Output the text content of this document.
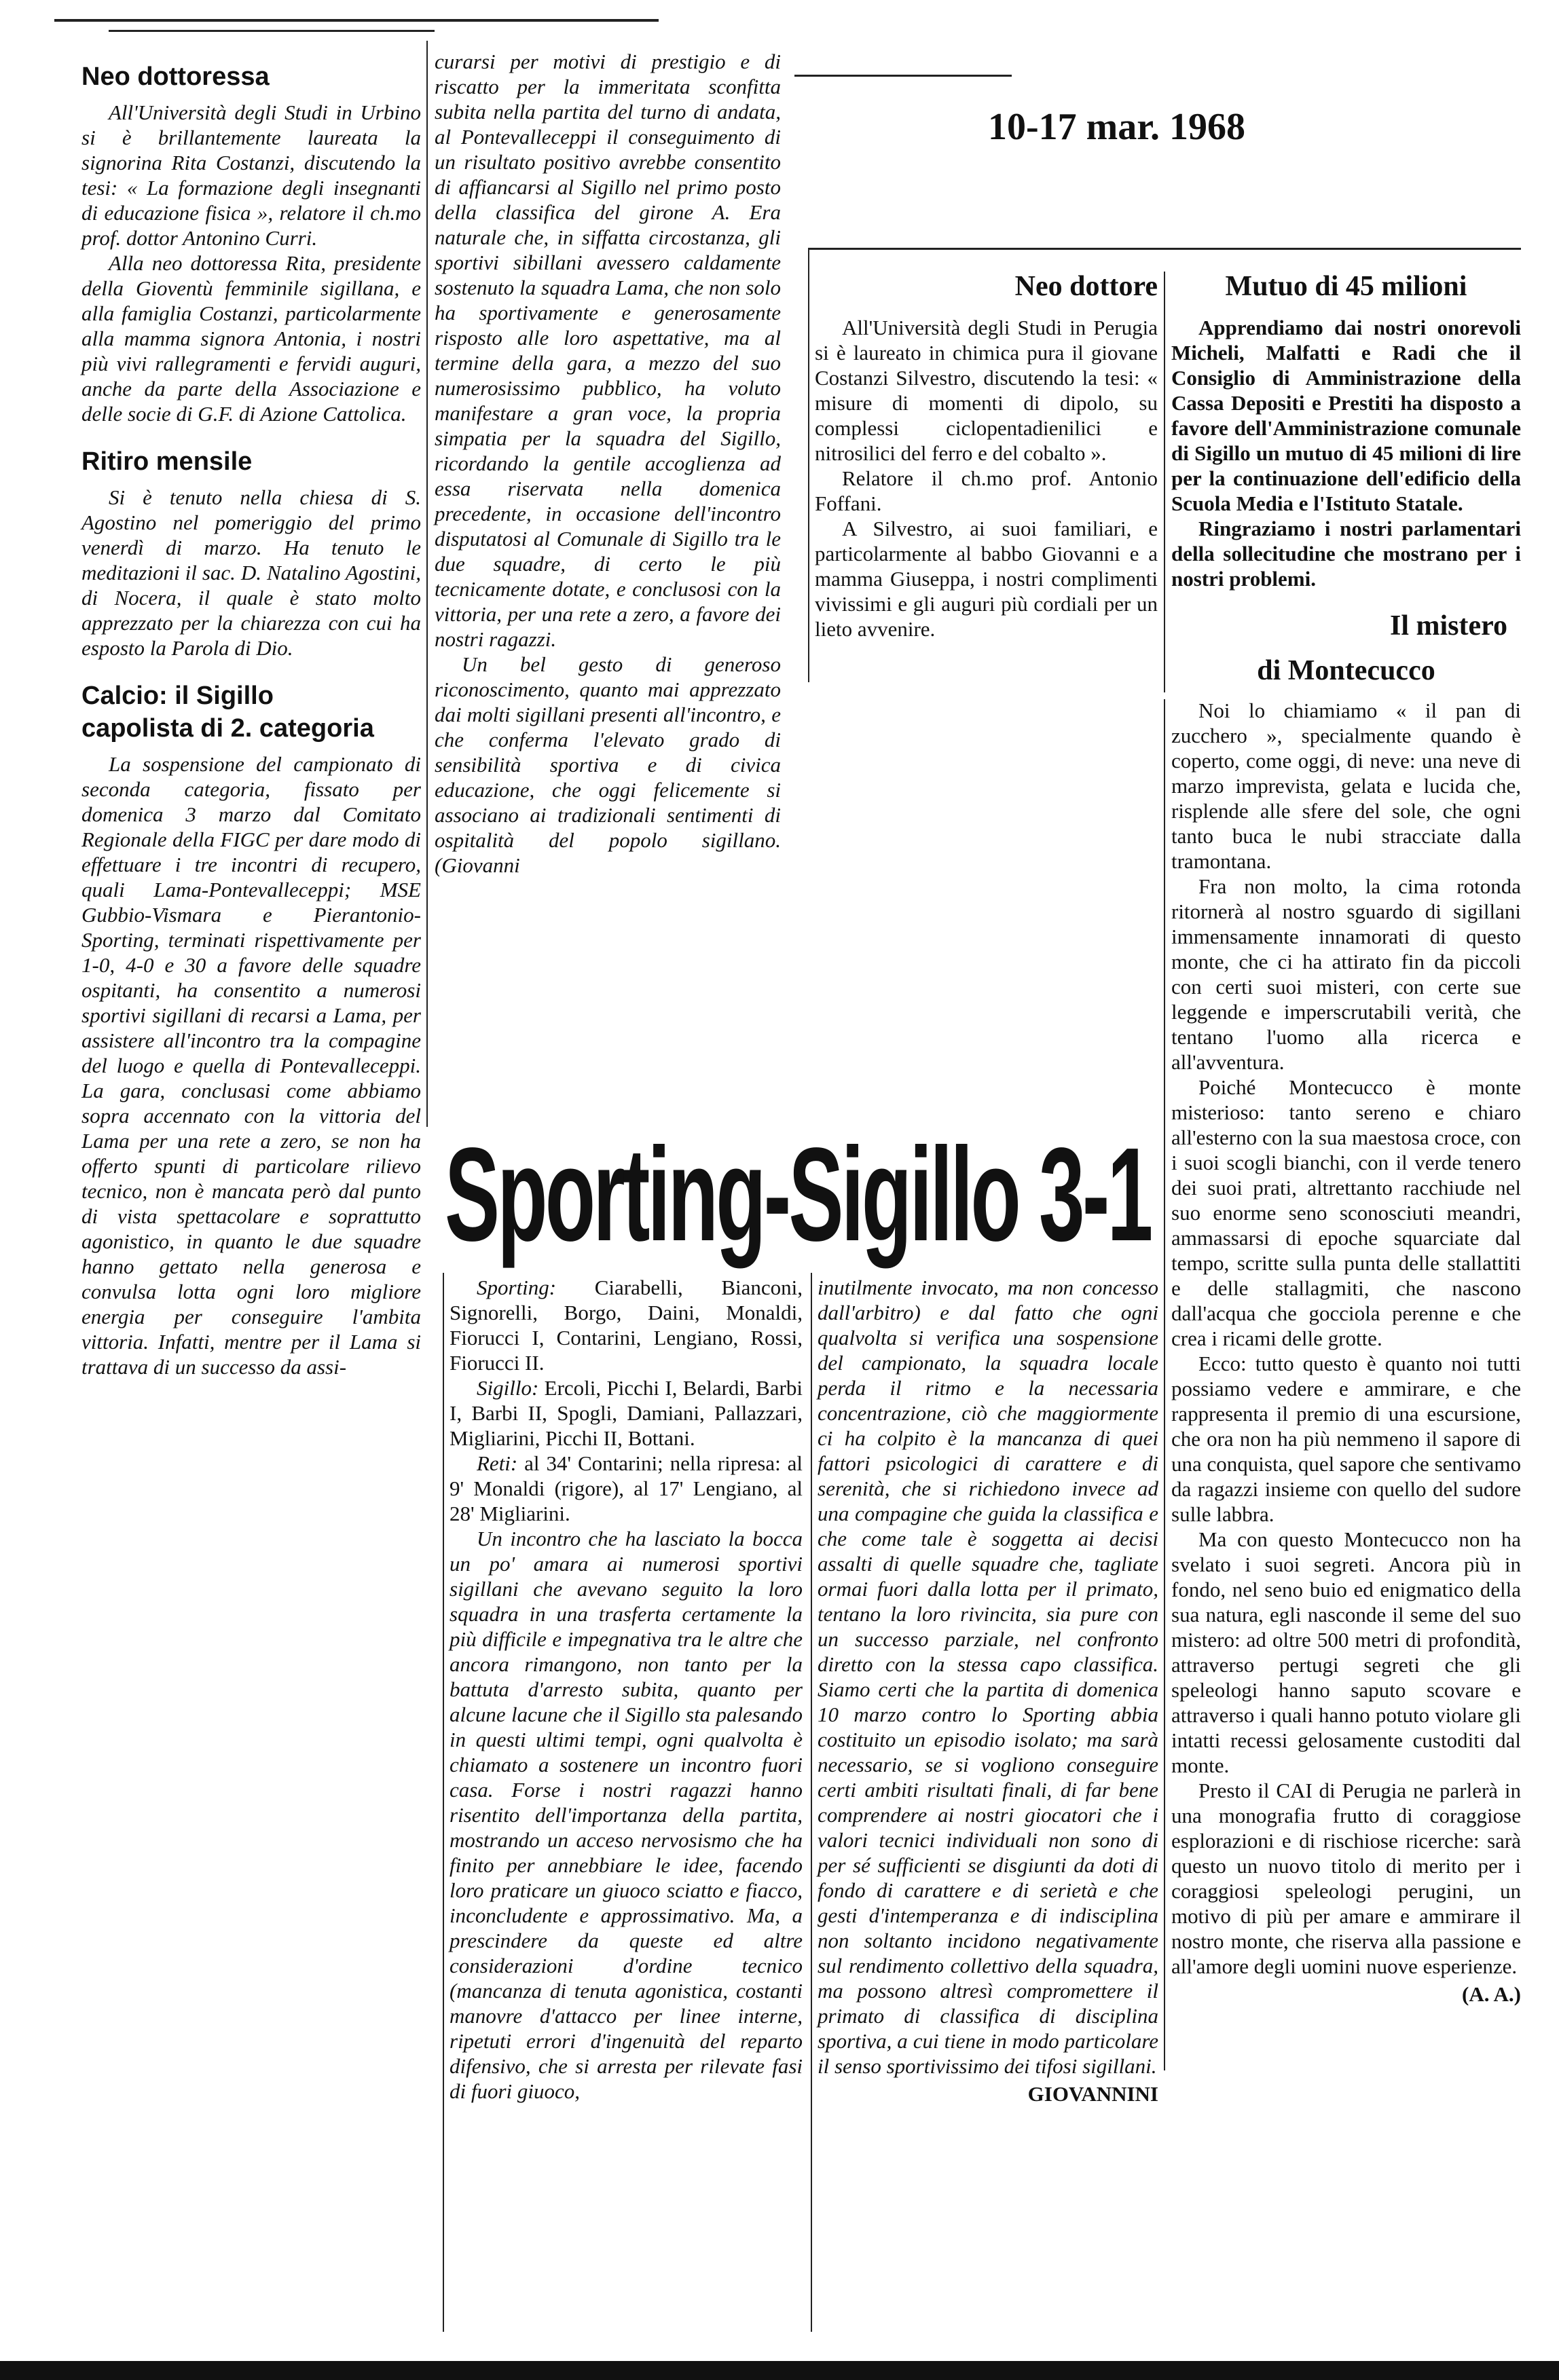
10-17 mar. 1968
Neo dottoressa

All'Università degli Studi in Urbino si è brillantemente laureata la signorina Rita Costanzi, discutendo la tesi: « La formazione degli insegnanti di educazione fisica », relatore il ch.mo prof. dottor Antonino Curri.

Alla neo dottoressa Rita, presidente della Gioventù femminile sigillana, e alla famiglia Costanzi, particolarmente alla mamma signora Antonia, i nostri più vivi rallegramenti e fervidi auguri, anche da parte della Associazione e delle socie di G.F. di Azione Cattolica.

Ritiro mensile

Si è tenuto nella chiesa di S. Agostino nel pomeriggio del primo venerdì di marzo. Ha tenuto le meditazioni il sac. D. Natalino Agostini, di Nocera, il quale è stato molto apprezzato per la chiarezza con cui ha esposto la Parola di Dio.

Calcio: il Sigillo
capolista di 2. categoria

La sospensione del campionato di seconda categoria, fissato per domenica 3 marzo dal Comitato Regionale della FIGC per dare modo di effettuare i tre incontri di recupero, quali Lama-Pontevalleceppi; MSE Gubbio-Vismara e Pierantonio-Sporting, terminati rispettivamente per 1-0, 4-0 e 30 a favore delle squadre ospitanti, ha consentito a numerosi sportivi sigillani di recarsi a Lama, per assistere all'incontro tra la compagine del luogo e quella di Pontevalleceppi. La gara, conclusasi come abbiamo sopra accennato con la vittoria del Lama per una rete a zero, se non ha offerto spunti di particolare rilievo tecnico, non è mancata però dal punto di vista spettacolare e soprattutto agonistico, in quanto le due squadre hanno gettato nella generosa e convulsa lotta ogni loro migliore energia per conseguire l'ambita vittoria. Infatti, mentre per il Lama si trattava di un successo da assi-

curarsi per motivi di prestigio e di riscatto per la immeritata sconfitta subita nella partita del turno di andata, al Pontevalleceppi il conseguimento di un risultato positivo avrebbe consentito di affiancarsi al Sigillo nel primo posto della classifica del girone A. Era naturale che, in siffatta circostanza, gli sportivi sibillani avessero caldamente sostenuto la squadra Lama, che non solo ha sportivamente e generosamente risposto alle loro aspettative, ma al termine della gara, a mezzo del suo numerosissimo pubblico, ha voluto manifestare a gran voce, la propria simpatia per la squadra del Sigillo, ricordando la gentile accoglienza ad essa riservata nella domenica precedente, in occasione dell'incontro disputatosi al Comunale di Sigillo tra le due squadre, di certo le più tecnicamente dotate, e conclusosi con la vittoria, per una rete a zero, a favore dei nostri ragazzi.

Un bel gesto di generoso riconoscimento, quanto mai apprezzato dai molti sigillani presenti all'incontro, e che conferma l'elevato grado di sensibilità sportiva e di civica educazione, che oggi felicemente si associano ai tradizionali sentimenti di ospitalità del popolo sigillano. (Giovanni

Neo dottore

All'Università degli Studi in Perugia si è laureato in chimica pura il giovane Costanzi Silvestro, discutendo la tesi: « misure di momenti di dipolo, su complessi ciclopentadienilici e nitrosilici del ferro e del cobalto ».

Relatore il ch.mo prof. Antonio Foffani.

A Silvestro, ai suoi familiari, e particolarmente al babbo Giovanni e a mamma Giuseppa, i nostri complimenti vivissimi e gli auguri più cordiali per un lieto avvenire.

Mutuo di 45 milioni

Apprendiamo dai nostri onorevoli Micheli, Malfatti e Radi che il Consiglio di Amministrazione della Cassa Depositi e Prestiti ha disposto a favore dell'Amministrazione comunale di Sigillo un mutuo di 45 milioni di lire per la continuazione dell'edificio della Scuola Media e l'Istituto Statale.

Ringraziamo i nostri parlamentari della sollecitudine che mostrano per i nostri problemi.

Il mistero
di Montecucco

Noi lo chiamiamo « il pan di zucchero », specialmente quando è coperto, come oggi, di neve: una neve di marzo imprevista, gelata e lucida che, risplende alle sfere del sole, che ogni tanto buca le nubi stracciate dalla tramontana.

Fra non molto, la cima rotonda ritornerà al nostro sguardo di sigillani immensamente innamorati di questo monte, che ci ha attirato fin da piccoli con certi suoi misteri, con certe sue leggende e imperscrutabili verità, che tentano l'uomo alla ricerca e all'avventura.

Poiché Montecucco è monte misterioso: tanto sereno e chiaro all'esterno con la sua maestosa croce, con i suoi scogli bianchi, con il verde tenero dei suoi prati, altrettanto racchiude nel suo enorme seno sconosciuti meandri, ammassarsi di epoche squarciate dal tempo, scritte sulla punta delle stallattiti e delle stallagmiti, che nascono dall'acqua che gocciola perenne e che crea i ricami delle grotte.

Ecco: tutto questo è quanto noi tutti possiamo vedere e ammirare, e che rappresenta il premio di una escursione, che ora non ha più nemmeno il sapore di una conquista, quel sapore che sentivamo da ragazzi insieme con quello del sudore sulle labbra.

Ma con questo Montecucco non ha svelato i suoi segreti. Ancora più in fondo, nel seno buio ed enigmatico della sua natura, egli nasconde il seme del suo mistero: ad oltre 500 metri di profondità, attraverso pertugi segreti che gli speleologi hanno saputo scovare e attraverso i quali hanno potuto violare gli intatti recessi gelosamente custoditi dal monte.

Presto il CAI di Perugia ne parlerà in una monografia frutto di coraggiose esplorazioni e di rischiose ricerche: sarà questo un nuovo titolo di merito per i coraggiosi speleologi perugini, un motivo di più per amare e ammirare il nostro monte, che riserva alla passione e all'amore degli uomini nuove esperienze.

(A. A.)

Sporting-Sigillo 3-1

Sporting: Ciarabelli, Bianconi, Signorelli, Borgo, Daini, Monaldi, Fiorucci I, Contarini, Lengiano, Rossi, Fiorucci II.

Sigillo: Ercoli, Picchi I, Belardi, Barbi I, Barbi II, Spogli, Damiani, Pallazzari, Migliarini, Picchi II, Bottani.

Reti: al 34' Contarini; nella ripresa: al 9' Monaldi (rigore), al 17' Lengiano, al 28' Migliarini.

Un incontro che ha lasciato la bocca un po' amara ai numerosi sportivi sigillani che avevano seguito la loro squadra in una trasferta certamente la più difficile e impegnativa tra le altre che ancora rimangono, non tanto per la battuta d'arresto subita, quanto per alcune lacune che il Sigillo sta palesando in questi ultimi tempi, ogni qualvolta è chiamato a sostenere un incontro fuori casa. Forse i nostri ragazzi hanno risentito dell'importanza della partita, mostrando un acceso nervosismo che ha finito per annebbiare le idee, facendo loro praticare un giuoco sciatto e fiacco, inconcludente e approssimativo. Ma, a prescindere da queste ed altre considerazioni d'ordine tecnico (mancanza di tenuta agonistica, costanti manovre d'attacco per linee interne, ripetuti errori d'ingenuità del reparto difensivo, che si arresta per rilevate fasi di fuori giuoco,

inutilmente invocato, ma non concesso dall'arbitro) e dal fatto che ogni qualvolta si verifica una sospensione del campionato, la squadra locale perda il ritmo e la necessaria concentrazione, ciò che maggiormente ci ha colpito è la mancanza di quei fattori psicologici di carattere e di serenità, che si richiedono invece ad una compagine che guida la classifica e che come tale è soggetta ai decisi assalti di quelle squadre che, tagliate ormai fuori dalla lotta per il primato, tentano la loro rivincita, sia pure con un successo parziale, nel confronto diretto con la stessa capo classifica. Siamo certi che la partita di domenica 10 marzo contro lo Sporting abbia costituito un episodio isolato; ma sarà necessario, se si vogliono conseguire certi ambiti risultati finali, di far bene comprendere ai nostri giocatori che i valori tecnici individuali non sono di per sé sufficienti se disgiunti da doti di fondo di carattere e di serietà e che gesti d'intemperanza e di indisciplina non soltanto incidono negativamente sul rendimento collettivo della squadra, ma possono altresì compromettere il primato di classifica di disciplina sportiva, a cui tiene in modo particolare il senso sportivissimo dei tifosi sigillani.

GIOVANNINI
